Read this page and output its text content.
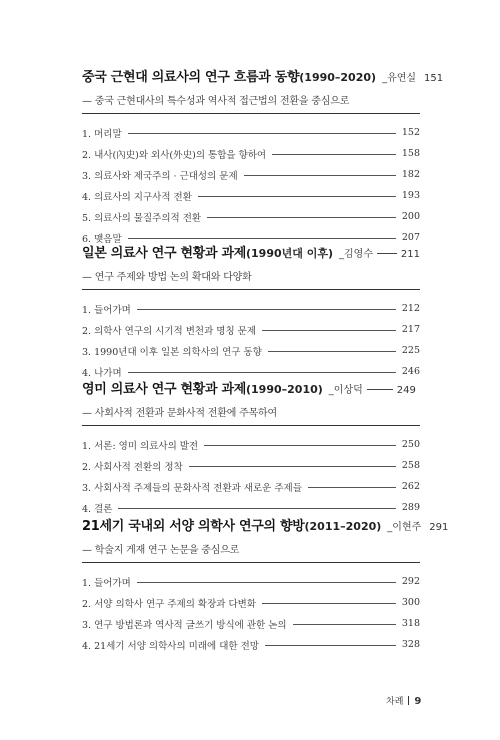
중국 근현대 의료사의 연구 흐름과 동향 (1990–2020) _유연실 151
— 중국 근현대사의 특수성과 역사적 접근법의 전환을 중심으로
1. 머리말	152
2. 내사(內史)와 외사(外史)의 통합을 향하여	158
3. 의료사와 제국주의 · 근대성의 문제	182
4. 의료사의 지구사적 전환	193
5. 의료사의 물질주의적 전환	200
6. 맺음말	207
일본 의료사 연구 현황과 과제 (1990년대 이후) _김영수	211
— 연구 주제와 방법 논의 확대와 다양화
1. 들어가며	212
2. 의학사 연구의 시기적 변천과 명칭 문제	217
3. 1990년대 이후 일본 의학사의 연구 동향	225
4. 나가며	246
영미 의료사 연구 현황과 과제 (1990–2010) _이상덕	249
— 사회사적 전환과 문화사적 전환에 주목하여
1. 서론: 영미 의료사의 발전	250
2. 사회사적 전환의 정착	258
3. 사회사적 주제들의 문화사적 전환과 새로운 주제들	262
4. 결론	289
21세기 국내외 서양 의학사 연구의 향방 (2011–2020) _이현주 291
— 학술지 게재 연구 논문을 중심으로
1. 들어가며	292
2. 서양 의학사 연구 주제의 확장과 다변화	300
3. 연구 방법론과 역사적 글쓰기 방식에 관한 논의	318
4. 21세기 서양 의학사의 미래에 대한 전망	328
차례 9
